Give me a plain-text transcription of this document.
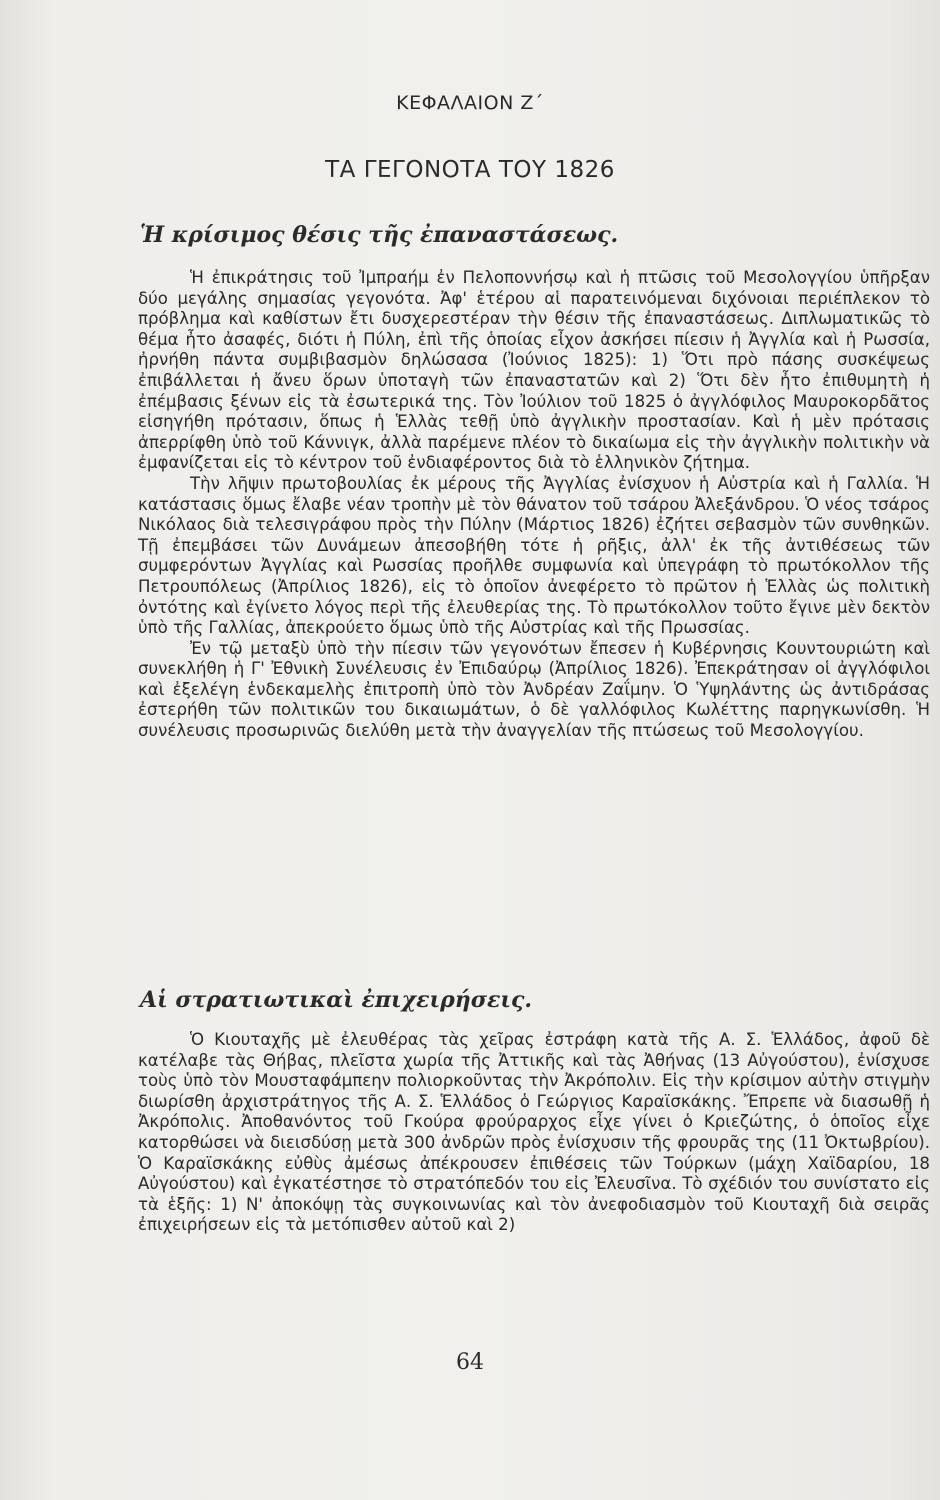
ΚΕΦΑΛΑΙΟΝ Ζ΄
ΤΑ ΓΕΓΟΝΟΤΑ ΤΟΥ 1826
Ἡ κρίσιμος θέσις τῆς ἐπαναστάσεως.

Ἡ ἐπικράτησις τοῦ Ἰμπραήμ ἐν Πελοποννήσῳ καὶ ἡ πτῶσις τοῦ Μεσολογγίου ὑπῆρξαν δύο μεγάλης σημασίας γεγονότα. Ἀφ' ἑτέρου αἱ παρατεινόμεναι διχόνοιαι περιέπλεκον τὸ πρόβλημα καὶ καθίστων ἔτι δυσχερεστέραν τὴν θέσιν τῆς ἐπαναστάσεως. Διπλωματικῶς τὸ θέμα ἦτο ἀσαφές, διότι ἡ Πύλη, ἐπὶ τῆς ὁποίας εἶχον ἀσκήσει πίεσιν ἡ Ἀγγλία καὶ ἡ Ρωσσία, ἠρνήθη πάντα συμβιβασμὸν δηλώσασα (Ἰούνιος 1825): 1) Ὅτι πρὸ πάσης συσκέψεως ἐπιβάλλεται ἡ ἄνευ ὅρων ὑποταγὴ τῶν ἐπαναστατῶν καὶ 2) Ὅτι δὲν ἦτο ἐπιθυμητὴ ἡ ἐπέμβασις ξένων εἰς τὰ ἐσωτερικά της. Τὸν Ἰούλιον τοῦ 1825 ὁ ἀγγλόφιλος Μαυροκορδᾶτος εἰσηγήθη πρότασιν, ὅπως ἡ Ἑλλὰς τεθῇ ὑπὸ ἀγγλικὴν προστασίαν. Καὶ ἡ μὲν πρότασις ἀπερρίφθη ὑπὸ τοῦ Κάννιγκ, ἀλλὰ παρέμενε πλέον τὸ δικαίωμα εἰς τὴν ἀγγλικὴν πολιτικὴν νὰ ἐμφανίζεται εἰς τὸ κέντρον τοῦ ἐνδιαφέροντος διὰ τὸ ἑλληνικὸν ζήτημα.

Τὴν λῆψιν πρωτοβουλίας ἐκ μέρους τῆς Ἀγγλίας ἐνίσχυον ἡ Αὐστρία καὶ ἡ Γαλλία. Ἡ κατάστασις ὅμως ἔλαβε νέαν τροπὴν μὲ τὸν θάνατον τοῦ τσάρου Ἀλεξάνδρου. Ὁ νέος τσάρος Νικόλαος διὰ τελεσιγράφου πρὸς τὴν Πύλην (Μάρτιος 1826) ἐζήτει σεβασμὸν τῶν συνθηκῶν. Τῇ ἐπεμβάσει τῶν Δυνάμεων ἀπεσοβήθη τότε ἡ ρῆξις, ἀλλ' ἐκ τῆς ἀντιθέσεως τῶν συμφερόντων Ἀγγλίας καὶ Ρωσσίας προῆλθε συμφωνία καὶ ὑπεγράφη τὸ πρωτόκολλον τῆς Πετρουπόλεως (Ἀπρίλιος 1826), εἰς τὸ ὁποῖον ἀνεφέρετο τὸ πρῶτον ἡ Ἑλλὰς ὡς πολιτικὴ ὀντότης καὶ ἐγίνετο λόγος περὶ τῆς ἐλευθερίας της. Τὸ πρωτόκολλον τοῦτο ἔγινε μὲν δεκτὸν ὑπὸ τῆς Γαλλίας, ἀπεκρούετο ὅμως ὑπὸ τῆς Αὐστρίας καὶ τῆς Πρωσσίας.

Ἐν τῷ μεταξὺ ὑπὸ τὴν πίεσιν τῶν γεγονότων ἔπεσεν ἡ Κυβέρνησις Κουντουριώτη καὶ συνεκλήθη ἡ Γ' Ἐθνικὴ Συνέλευσις ἐν Ἐπιδαύρῳ (Ἀπρίλιος 1826). Ἐπεκράτησαν οἱ ἀγγλόφιλοι καὶ ἐξελέγη ἑνδεκαμελὴς ἐπιτροπὴ ὑπὸ τὸν Ἀνδρέαν Ζαΐμην. Ὁ Ὑψηλάντης ὡς ἀντιδράσας ἐστερήθη τῶν πολιτικῶν του δικαιωμάτων, ὁ δὲ γαλλόφιλος Κωλέττης παρηγκωνίσθη. Ἡ συνέλευσις προσωρινῶς διελύθη μετὰ τὴν ἀναγγελίαν τῆς πτώσεως τοῦ Μεσολογγίου.

Αἱ στρατιωτικαὶ ἐπιχειρήσεις.

Ὁ Κιουταχῆς μὲ ἐλευθέρας τὰς χεῖρας ἐστράφη κατὰ τῆς Α. Σ. Ἑλλάδος, ἀφοῦ δὲ κατέλαβε τὰς Θήβας, πλεῖστα χωρία τῆς Ἀττικῆς καὶ τὰς Ἀθήνας (13 Αὐγούστου), ἐνίσχυσε τοὺς ὑπὸ τὸν Μουσταφάμπεην πολιορκοῦντας τὴν Ἀκρόπολιν. Εἰς τὴν κρίσιμον αὐτὴν στιγμὴν διωρίσθη ἀρχιστράτηγος τῆς Α. Σ. Ἑλλάδος ὁ Γεώργιος Καραϊσκάκης. Ἔπρεπε νὰ διασωθῇ ἡ Ἀκρόπολις. Ἀποθανόντος τοῦ Γκούρα φρούραρχος εἶχε γίνει ὁ Κριεζώτης, ὁ ὁποῖος εἶχε κατορθώσει νὰ διεισδύσῃ μετὰ 300 ἀνδρῶν πρὸς ἐνίσχυσιν τῆς φρουρᾶς της (11 Ὀκτωβρίου). Ὁ Καραϊσκάκης εὐθὺς ἀμέσως ἀπέκρουσεν ἐπιθέσεις τῶν Τούρκων (μάχη Χαϊδαρίου, 18 Αὐγούστου) καὶ ἐγκατέστησε τὸ στρατόπεδόν του εἰς Ἐλευσῖνα. Τὸ σχέδιόν του συνίστατο εἰς τὰ ἑξῆς: 1) Ν' ἀποκόψῃ τὰς συγκοινωνίας καὶ τὸν ἀνεφοδιασμὸν τοῦ Κιουταχῆ διὰ σειρᾶς ἐπιχειρήσεων εἰς τὰ μετόπισθεν αὐτοῦ καὶ 2)

64
